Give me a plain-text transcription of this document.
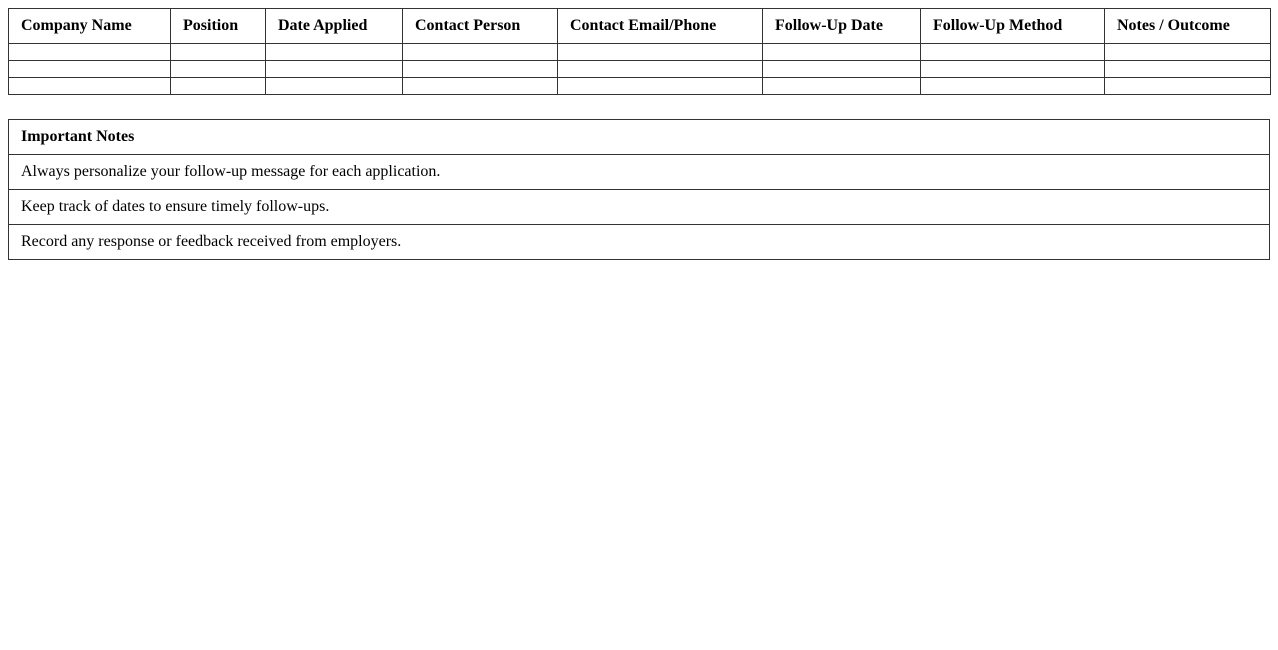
Company Name	Position	Date Applied	Contact Person	Contact Email/Phone	Follow-Up Date	Follow-Up Method	Notes / Outcome

Important Notes
Always personalize your follow-up message for each application.
Keep track of dates to ensure timely follow-ups.
Record any response or feedback received from employers.
